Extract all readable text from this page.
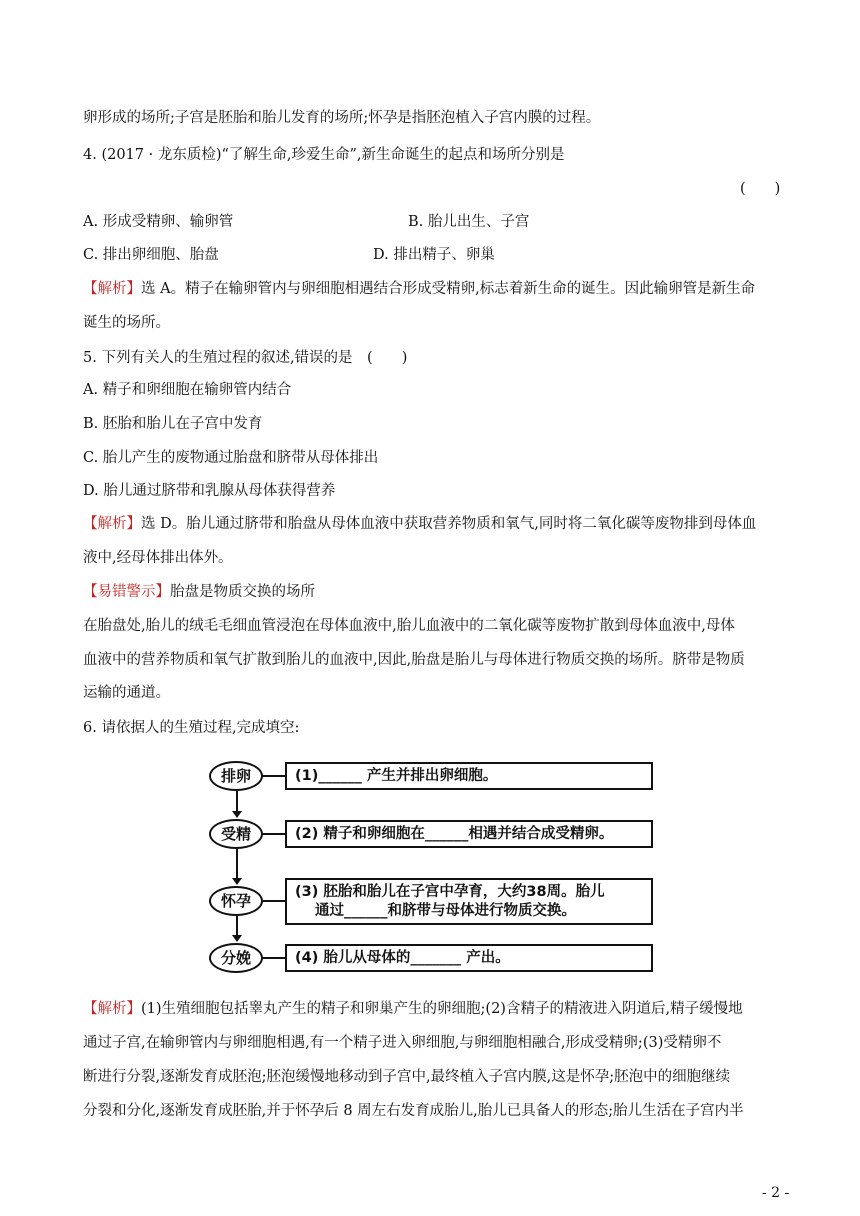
卵形成的场所;子宫是胚胎和胎儿发育的场所;怀孕是指胚泡植入子宫内膜的过程。
4. (2017 · 龙东质检)“了解生命,珍爱生命”,新生命诞生的起点和场所分别是
(　　)
A. 形成受精卵、输卵管	B. 胎儿出生、子宫
C. 排出卵细胞、胎盘	D. 排出精子、卵巢
【解析】选 A。精子在输卵管内与卵细胞相遇结合形成受精卵,标志着新生命的诞生。因此输卵管是新生命
诞生的场所。
5. 下列有关人的生殖过程的叙述,错误的是　(　　)
A. 精子和卵细胞在输卵管内结合
B. 胚胎和胎儿在子宫中发育
C. 胎儿产生的废物通过胎盘和脐带从母体排出
D. 胎儿通过脐带和乳腺从母体获得营养
【解析】选 D。胎儿通过脐带和胎盘从母体血液中获取营养物质和氧气,同时将二氧化碳等废物排到母体血
液中,经母体排出体外。
【易错警示】胎盘是物质交换的场所
在胎盘处,胎儿的绒毛毛细血管浸泡在母体血液中,胎儿血液中的二氧化碳等废物扩散到母体血液中,母体
血液中的营养物质和氧气扩散到胎儿的血液中,因此,胎盘是胎儿与母体进行物质交换的场所。脐带是物质
运输的通道。
6. 请依据人的生殖过程,完成填空:
排卵
受精
怀孕
分娩
(1)______ 产生并排出卵细胞。
(2) 精子和卵细胞在______相遇并结合成受精卵。
(3) 胚胎和胎儿在子宫中孕育，大约38周。胎儿
通过______和脐带与母体进行物质交换。
(4) 胎儿从母体的_______ 产出。
【解析】(1)生殖细胞包括睾丸产生的精子和卵巢产生的卵细胞;(2)含精子的精液进入阴道后,精子缓慢地
通过子宫,在输卵管内与卵细胞相遇,有一个精子进入卵细胞,与卵细胞相融合,形成受精卵;(3)受精卵不
断进行分裂,逐渐发育成胚泡;胚泡缓慢地移动到子宫中,最终植入子宫内膜,这是怀孕;胚泡中的细胞继续
分裂和分化,逐渐发育成胚胎,并于怀孕后 8 周左右发育成胎儿,胎儿已具备人的形态;胎儿生活在子宫内半
- 2 -
